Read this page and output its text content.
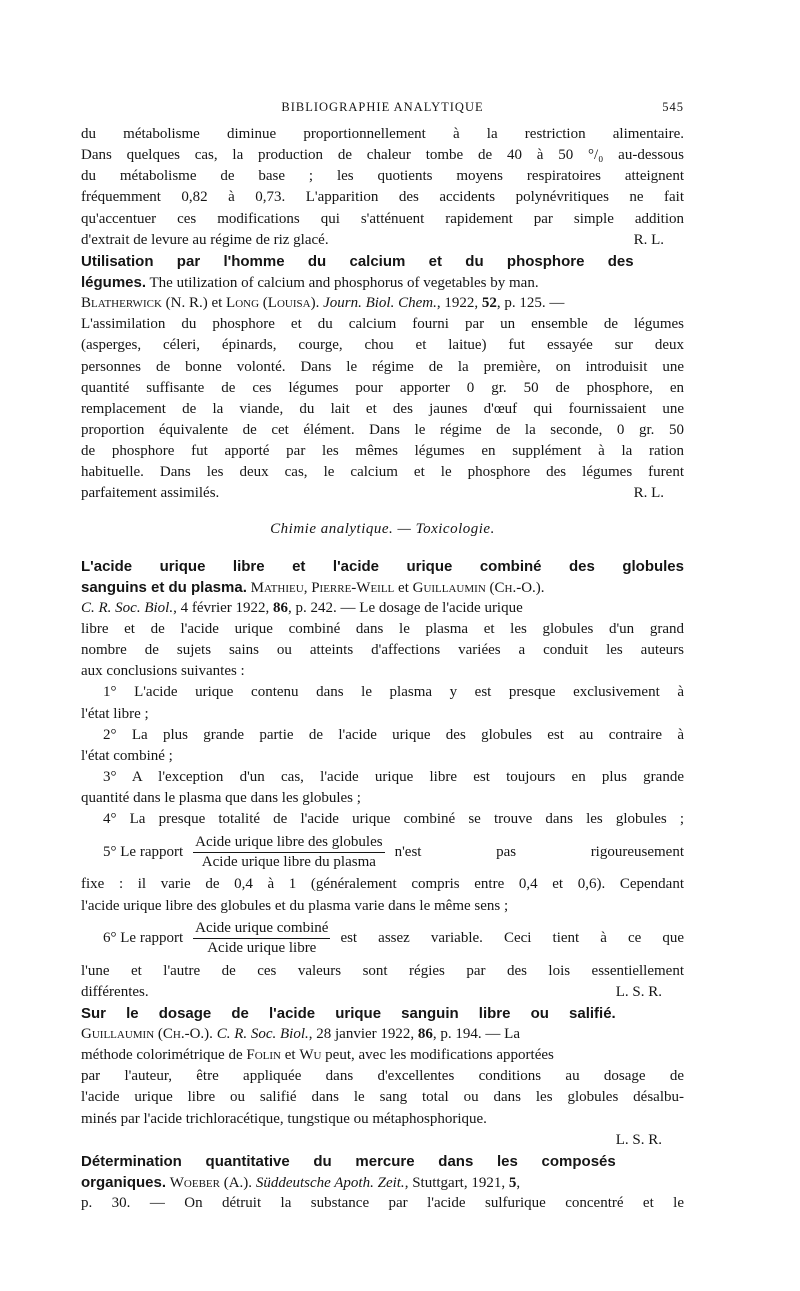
BIBLIOGRAPHIE ANALYTIQUE	545
du métabolisme diminue proportionnellement à la restriction alimentaire.
Dans quelques cas, la production de chaleur tombe de 40 à 50 °/₀ au-dessous
du métabolisme de base ; les quotients moyens respiratoires atteignent
fréquemment 0,82 à 0,73. L'apparition des accidents polynévritiques ne fait
qu'accentuer ces modifications qui s'atténuent rapidement par simple addition
d'extrait de levure au régime de riz glacé.	R. L.
Utilisation par l'homme du calcium et du phosphore des
légumes. The utilization of calcium and phosphorus of vegetables by man.
Blatherwick (N. R.) et Long (Louisa). Journ. Biol. Chem., 1922, 52, p. 125. —
L'assimilation du phosphore et du calcium fourni par un ensemble de légumes
(asperges, céleri, épinards, courge, chou et laitue) fut essayée sur deux
personnes de bonne volonté. Dans le régime de la première, on introduisit une
quantité suffisante de ces légumes pour apporter 0 gr. 50 de phosphore, en
remplacement de la viande, du lait et des jaunes d'œuf qui fournissaient une
proportion équivalente de cet élément. Dans le régime de la seconde, 0 gr. 50
de phosphore fut apporté par les mêmes légumes en supplément à la ration
habituelle. Dans les deux cas, le calcium et le phosphore des légumes furent
parfaitement assimilés.	R. L.
Chimie analytique. — Toxicologie.
L'acide urique libre et l'acide urique combiné des globules
sanguins et du plasma. Mathieu, Pierre-Weill et Guillaumin (Ch.-O.).
C. R. Soc. Biol., 4 février 1922, 86, p. 242. — Le dosage de l'acide urique
libre et de l'acide urique combiné dans le plasma et les globules d'un grand
nombre de sujets sains ou atteints d'affections variées a conduit les auteurs
aux conclusions suivantes :
1° L'acide urique contenu dans le plasma y est presque exclusivement à
l'état libre ;
2° La plus grande partie de l'acide urique des globules est au contraire à
l'état combiné ;
3° A l'exception d'un cas, l'acide urique libre est toujours en plus grande
quantité dans le plasma que dans les globules ;
4° La presque totalité de l'acide urique combiné se trouve dans les globules ;
5° Le rapport $\frac{\text{Acide urique libre des globules}}{\text{Acide urique libre du plasma}} n'est$ pas rigoureusement
fixe : il varie de 0,4 à 1 (généralement compris entre 0,4 et 0,6). Cependant
l'acide urique libre des globules et du plasma varie dans le même sens ;
6° Le rapport $\frac{\text{Acide urique combiné}}{\text{Acide urique libre}}$ est assez variable. Ceci tient à ce que
l'une et l'autre de ces valeurs sont régies par des lois essentiellement
différentes.	L. S. R.
Sur le dosage de l'acide urique sanguin libre ou salifié.
Guillaumin (Ch.-O.). C. R. Soc. Biol., 28 janvier 1922, 86, p. 194. — La
méthode colorimétrique de Folin et Wu peut, avec les modifications apportées
par l'auteur, être appliquée dans d'excellentes conditions au dosage de
l'acide urique libre ou salifié dans le sang total ou dans les globules désalbu-
minés par l'acide trichloracétique, tungstique ou métaphosphorique.
L. S. R.
Détermination quantitative du mercure dans les composés
organiques. Woeber (A.). Süddeutsche Apoth. Zeit., Stuttgart, 1921, 5,
p. 30. — On détruit la substance par l'acide sulfurique concentré et le
